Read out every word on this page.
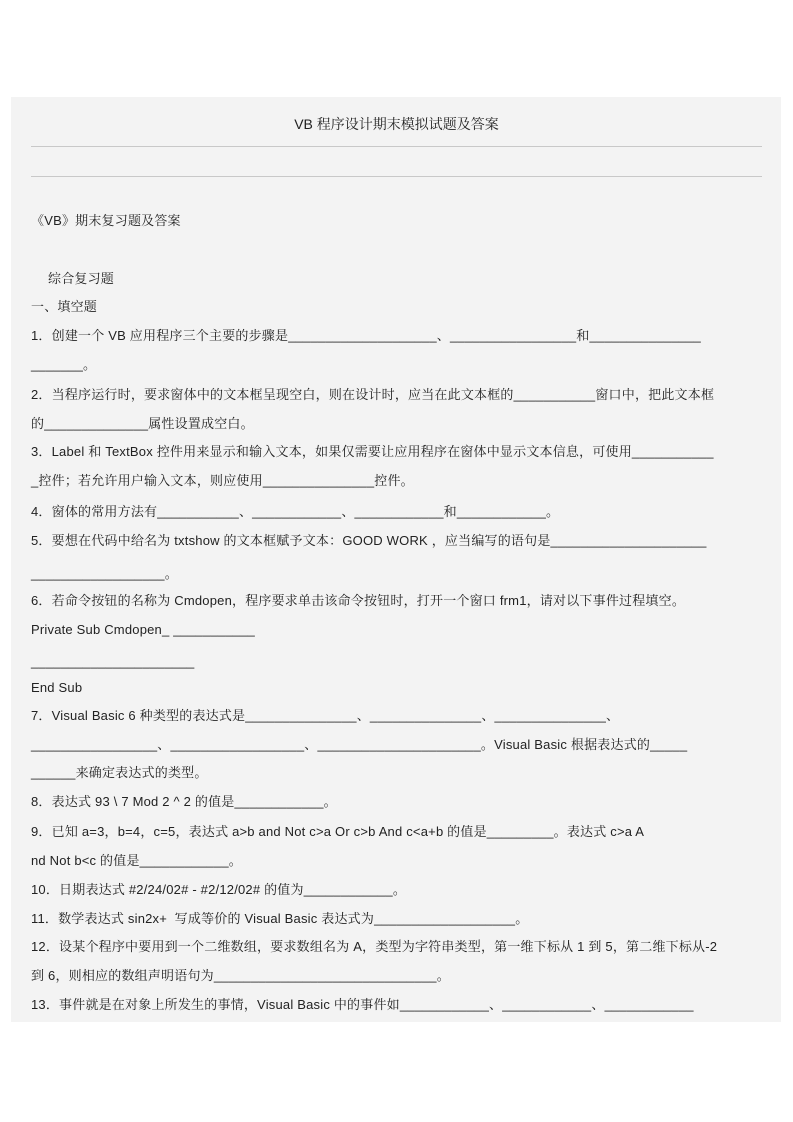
VB 程序设计期末模拟试题及答案
《VB》期末复习题及答案
综合复习题
一、填空题
1．创建一个 VB 应用程序三个主要的步骤是____________________、_________________和_______________
_______。
2．当程序运行时，要求窗体中的文本框呈现空白，则在设计时，应当在此文本框的___________窗口中，把此文本框
的______________属性设置成空白。
3．Label 和 TextBox 控件用来显示和输入文本，如果仅需要让应用程序在窗体中显示文本信息，可使用___________
_控件；若允许用户输入文本，则应使用_______________控件。
4．窗体的常用方法有___________、____________、____________和____________。
5．要想在代码中给名为 txtshow 的文本框赋予文本：GOOD WORK ，应当编写的语句是_____________________
__________________。
6．若命令按钮的名称为 Cmdopen，程序要求单击该命令按钮时，打开一个窗口 frm1，请对以下事件过程填空。
Private Sub Cmdopen_ ___________
______________________
End Sub
7．Visual Basic 6 种类型的表达式是_______________、_______________、_______________、
_________________、__________________、______________________。Visual Basic 根据表达式的_____
______来确定表达式的类型。
8．表达式 93 \ 7 Mod 2 ^ 2 的值是____________。
9．已知 a=3，b=4，c=5，表达式 a>b and Not c>a Or c>b And c<a+b 的值是_________。表达式 c>a A
nd Not b<c 的值是____________。
10．日期表达式 #2/24/02# - #2/12/02# 的值为____________。
11．数学表达式 sin2x+  写成等价的 Visual Basic 表达式为___________________。
12．设某个程序中要用到一个二维数组，要求数组名为 A，类型为字符串类型，第一维下标从 1 到 5，第二维下标从-2
到 6，则相应的数组声明语句为______________________________。
13．事件就是在对象上所发生的事情，Visual Basic 中的事件如____________、____________、____________
